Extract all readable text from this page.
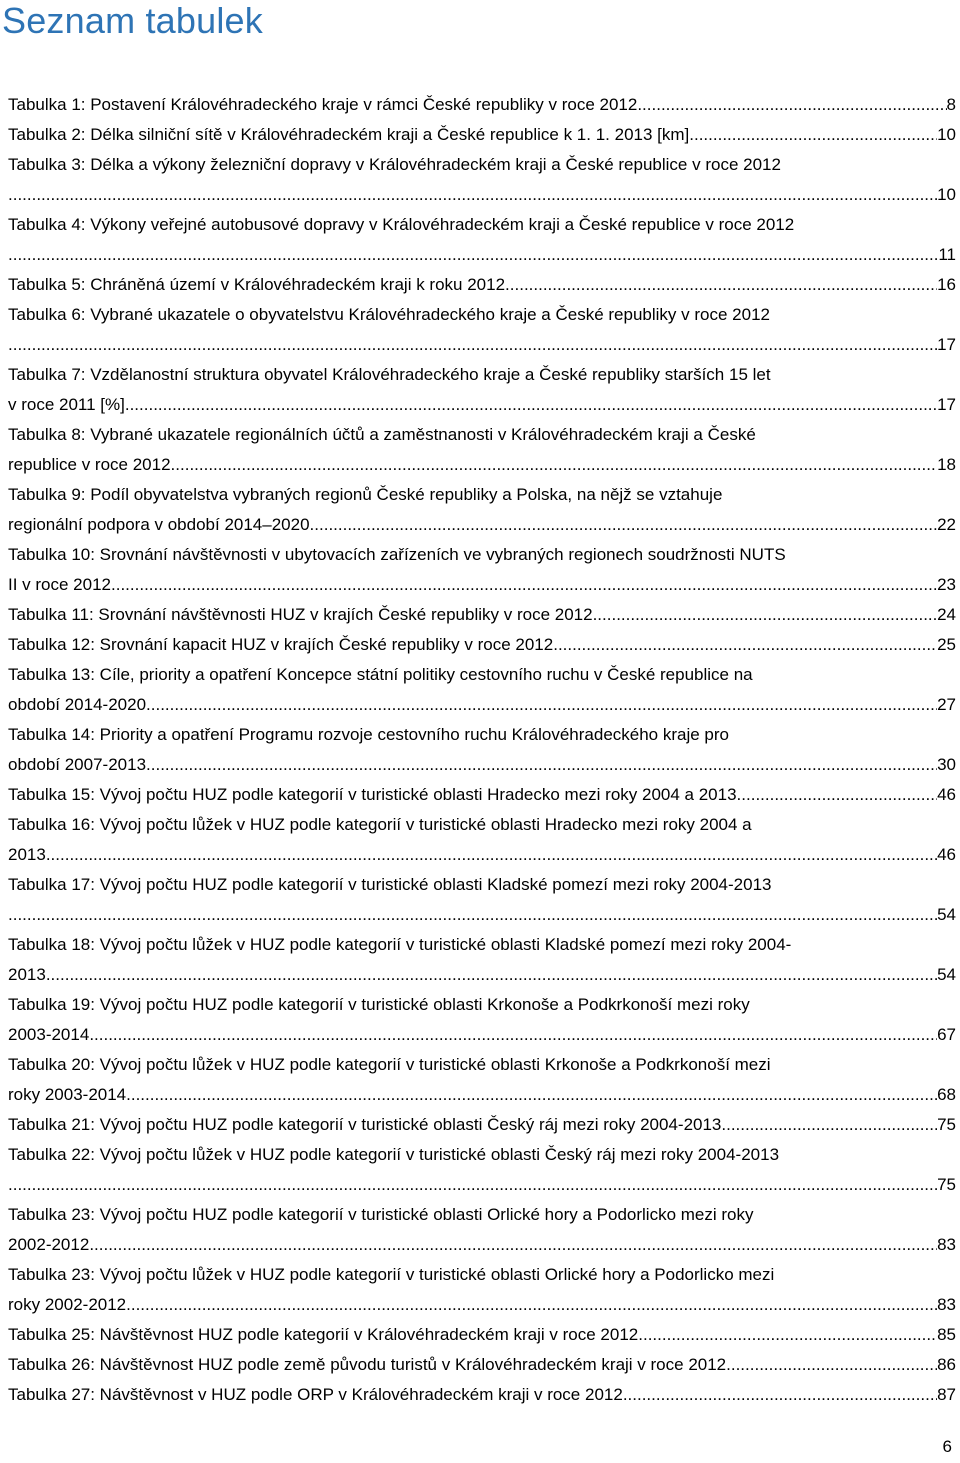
Seznam tabulek
Tabulka 1: Postavení Královéhradeckého kraje v rámci České republiky v roce 2012 .....	8
Tabulka 2: Délka silniční sítě v Královéhradeckém kraji a České republice k 1. 1. 2013 [km] .....	10
Tabulka 3: Délka a výkony železniční dopravy v Královéhradeckém kraji a České republice v roce 2012
.....
10
Tabulka 4: Výkony veřejné autobusové dopravy v Královéhradeckém kraji a České republice v roce 2012
.....
11
Tabulka 5: Chráněná území v Královéhradeckém kraji k roku 2012 .....	16
Tabulka 6: Vybrané ukazatele o obyvatelstvu Královéhradeckého kraje a České republiky v roce 2012
.....
17
Tabulka 7: Vzdělanostní struktura obyvatel Královéhradeckého kraje a České republiky starších 15 let
v roce 2011 [%] .....	17
Tabulka 8: Vybrané ukazatele regionálních účtů a zaměstnanosti v Královéhradeckém kraji a České
republice v roce 2012 .....	18
Tabulka 9: Podíl obyvatelstva vybraných regionů České republiky a Polska, na nějž se vztahuje
regionální podpora v období 2014–2020 .....	22
Tabulka 10: Srovnání návštěvnosti v ubytovacích zařízeních ve vybraných regionech soudržnosti NUTS
II v roce 2012 .....	23
Tabulka 11: Srovnání návštěvnosti HUZ v krajích České republiky v roce 2012 .....	24
Tabulka 12: Srovnání kapacit HUZ v krajích České republiky v roce 2012 .....	25
Tabulka 13: Cíle, priority a opatření Koncepce státní politiky cestovního ruchu v České republice na
období 2014-2020 .....	27
Tabulka 14: Priority a opatření Programu rozvoje cestovního ruchu Královéhradeckého kraje pro
období 2007-2013 .....	30
Tabulka 15: Vývoj počtu HUZ podle kategorií v turistické oblasti Hradecko mezi roky 2004 a 2013 .....	46
Tabulka 16: Vývoj počtu lůžek v HUZ podle kategorií v turistické oblasti Hradecko mezi roky 2004 a
2013 .....	46
Tabulka 17: Vývoj počtu HUZ podle kategorií v turistické oblasti Kladské pomezí mezi roky 2004-2013
.....
54
Tabulka 18: Vývoj počtu lůžek v HUZ podle kategorií v turistické oblasti Kladské pomezí mezi roky 2004-
2013 .....	54
Tabulka 19: Vývoj počtu HUZ podle kategorií v turistické oblasti Krkonoše a Podkrkonoší mezi roky
2003-2014 .....	67
Tabulka 20: Vývoj počtu lůžek v HUZ podle kategorií v turistické oblasti Krkonoše a Podkrkonoší mezi
roky 2003-2014 .....	68
Tabulka 21: Vývoj počtu HUZ podle kategorií v turistické oblasti Český ráj mezi roky 2004-2013 .....	75
Tabulka 22: Vývoj počtu lůžek v HUZ podle kategorií v turistické oblasti Český ráj mezi roky 2004-2013
.....
75
Tabulka 23: Vývoj počtu HUZ podle kategorií v turistické oblasti Orlické hory a Podorlicko mezi roky
2002-2012 .....	83
Tabulka 23: Vývoj počtu lůžek v HUZ podle kategorií v turistické oblasti Orlické hory a Podorlicko mezi
roky 2002-2012 .....	83
Tabulka 25: Návštěvnost HUZ podle kategorií v Královéhradeckém kraji v roce 2012 .....	85
Tabulka 26: Návštěvnost HUZ podle země původu turistů v Královéhradeckém kraji v roce 2012 .....	86
Tabulka 27: Návštěvnost v HUZ podle ORP v Královéhradeckém kraji v roce 2012 .....	87
6
